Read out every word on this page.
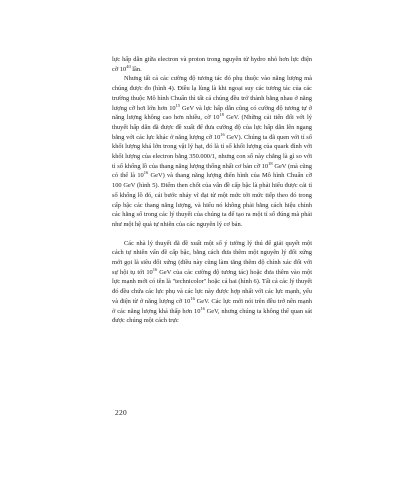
lực hấp dẫn giữa electron và proton trong nguyên tử hydro nhỏ hơn lực điện cỡ $10^{40}$ lần.

Nhưng tất cả các cường độ tương tác đó phụ thuộc vào năng lượng mà chúng được đo (hình 4). Điều lạ lùng là khi ngoại suy các tương tác của các trường thuộc Mô hình Chuẩn thì tất cả chúng đều trở thành bằng nhau ở năng lượng cỡ hơi lớn hơn $10^{15}$ GeV và lực hấp dẫn cũng có cường độ tương tự ở năng lượng không cao hơn nhiều, cỡ $10^{18}$ GeV. (Những cải tiến đối với lý thuyết hấp dẫn đã được đề xuất để đưa cường độ của lực hấp dẫn lên ngang bằng với các lực khác ở năng lượng cỡ $10^{16}$ GeV). Chúng ta đã quen với tỉ số khối lượng khá lớn trong vật lý hạt, đó là tỉ số khối lượng của quark đỉnh với khối lượng của electron bằng 350.000/1, nhưng con số này chẳng là gì so với tỉ số khổng lồ của thang năng lượng thống nhất cơ bản cỡ $10^{18}$ GeV (mà cũng có thể là $10^{16}$ GeV) và thang năng lượng điển hình của Mô hình Chuẩn cỡ 100 GeV (hình 5). Điểm then chốt của vấn đề cấp bậc là phải hiểu được cái tỉ số khổng lồ đó, cái bước nhảy vĩ đại từ một mức tới mức tiếp theo đó trong cấp bậc các thang năng lượng, và hiểu nó không phải bằng cách hiệu chỉnh các hằng số trong các lý thuyết của chúng ta để tạo ra một tỉ số đúng mà phải như một hệ quả tự nhiên của các nguyên lý cơ bản.

Các nhà lý thuyết đã đề xuất một số ý tưởng lý thú để giải quyết một cách tự nhiên vấn đề cấp bậc, bằng cách đưa thêm một nguyên lý đối xứng mới gọi là siêu đối xứng (điều này cũng làm tăng thêm độ chính xác đối với sự hội tụ tới $10^{16}$ GeV của các cường độ tương tác) hoặc đưa thêm vào một lực mạnh mới có tên là "technicolor" hoặc cả hai (hình 6). Tất cả các lý thuyết đó đều chứa các lực phụ và các lực này được hợp nhất với các lực mạnh, yếu và điện từ ở năng lượng cỡ $10^{16}$ GeV. Các lực mới nói trên đều trở nên mạnh ở các năng lượng khá thấp hơn $10^{16}$ GeV, nhưng chúng ta không thể quan sát được chúng một cách trực

220
